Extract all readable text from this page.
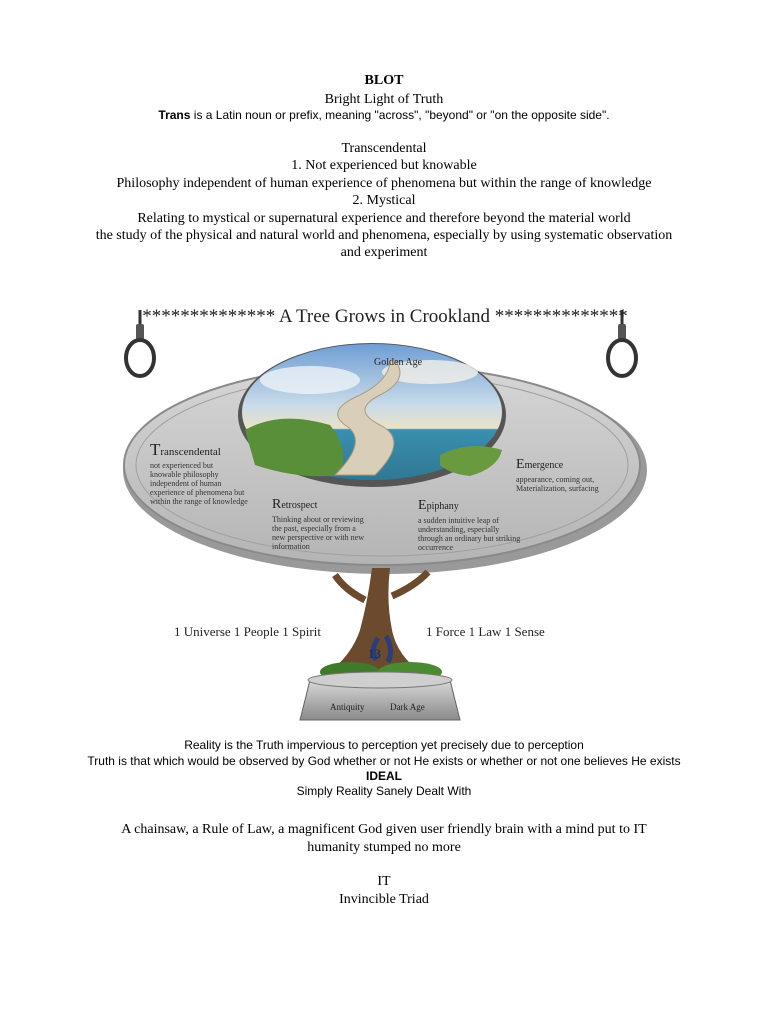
BLOT
Bright Light of Truth
Trans is a Latin noun or prefix, meaning "across", "beyond" or "on the opposite side".
Transcendental
1. Not experienced but knowable
Philosophy independent of human experience of phenomena but within the range of knowledge
2. Mystical
Relating to mystical or supernatural experience and therefore beyond the material world
the study of the physical and natural world and phenomena, especially by using systematic observation
and experiment
************** A Tree Grows in Crookland **************
Golden Age
Transcendental
not experienced but
knowable philosophy
independent of human
experience of phenomena but
within the range of knowledge Retrospect
Thinking about or reviewing
the past, especially from a
new perspective or with new
information
Epiphany
a sudden intuitive leap of
understanding, especially
through an ordinary but striking
occurrence
Emergence
appearance, coming out,
Materialization, surfacing
1 Universe 1 People 1 Spirit	1 Force 1 Law 1 Sense
13
Antiquity	Dark Age
Reality is the Truth impervious to perception yet precisely due to perception
Truth is that which would be observed by God whether or not He exists or whether or not one believes He exists
IDEAL
Simply Reality Sanely Dealt With
A chainsaw, a Rule of Law, a magnificent God given user friendly brain with a mind put to IT
humanity stumped no more
IT
Invincible Triad
